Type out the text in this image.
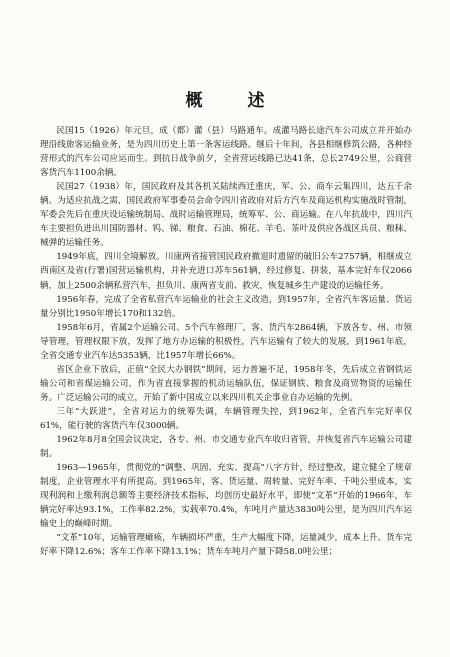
概　述

民国15（1926）年元旦，成（都）灌（县）马路通车。成灌马路长途汽车公司成立并开始办理沿线旅客运输业务，是为四川历史上第一条客运线路。继后十年间，各县相继修筑公路，各种经营形式的汽车公司应运而生。到抗日战争前夕，全省营运线路已达41条，总长2749公里，公商营客货汽车1100余辆。

民国27（1938）年，国民政府及其各机关陆续西迁重庆，军、公、商车云集四川，达五千余辆。为适应抗战之需，国民政府军事委员会命令四川省政府对后方汽车及商运机构实施战时管制，军委会先后在重庆设运输统制局、战时运输管理局，统筹军、公、商运输。在八年抗战中，四川汽车主要担负进出川国防器材、钨、锑、粮食、石油、棉花、羊毛、茶叶及供应各战区兵员、粮秣、械弹的运输任务。

1949年底，四川全境解放。川康两省接管国民政府撤退时遗留的破旧公车2757辆，相继成立西南区及省(行署)国营运输机构，并补充进口苏车561辆，经过修复、拼装，基本完好车仅2066辆，加上2500余辆私营汽车，担负川、康两省支前、救灾，恢复城乡生产建设的运输任务。

1956年春，完成了全省私营汽车运输业的社会主义改造，到1957年，全省汽车客运量、货运量分别比1950年增长170和132倍。

1958年6月，省属2个运输公司、5个汽车修理厂，客、货汽车2864辆，下放各专、州、市领导管理，管理权限下放，发挥了地方办运输的积极性，汽车运输有了较大的发展，到1961年底，全省交通专业汽车达5353辆，比1957年增长66%。

省区企业下放后，正值“全民大办钢铁”期间，运力普遍不足，1958年冬，先后成立省钢铁运输公司和省煤运输公司，作为省直接掌握的机动运输队伍，保证钢铁、粮食及商贸物资的运输任务。广泛运输公司的成立，开始了新中国成立以来四川机关企事业自办运输的先例。

三年“大跃进”，全省对运力的统筹失调，车辆管理失控，到1962年，全省汽车完好率仅61%，能行驶的客货汽车仅3000辆。

1962年8月8全国会议决定，各专、州、市交通专业汽车收归省管，并恢复省汽车运输公司建制。

1963—1965年，贯彻党的“调整、巩固、充实、提高”八字方针，经过整改，建立健全了规章制度，企业管理水平有所提高。到1965年，客、货运量、周转量、完好车率、千吨公里成本，实现利润和上缴利润总额等主要经济技术指标，均创历史最好水平，即使“文革”开始的1966年，车辆完好率达93.1%，工作率82.2%，实载率70.4%，车吨月产量达3830吨公里，是为四川汽车运输史上的巅峰时期。

“文革”10年，运输管理瘫痪，车辆损坏严重，生产大幅度下降，运量减少，成本上升。货车完好率下降12.6%；客车工作率下降13.1%；货车车吨月产量下降58.0吨公里；
